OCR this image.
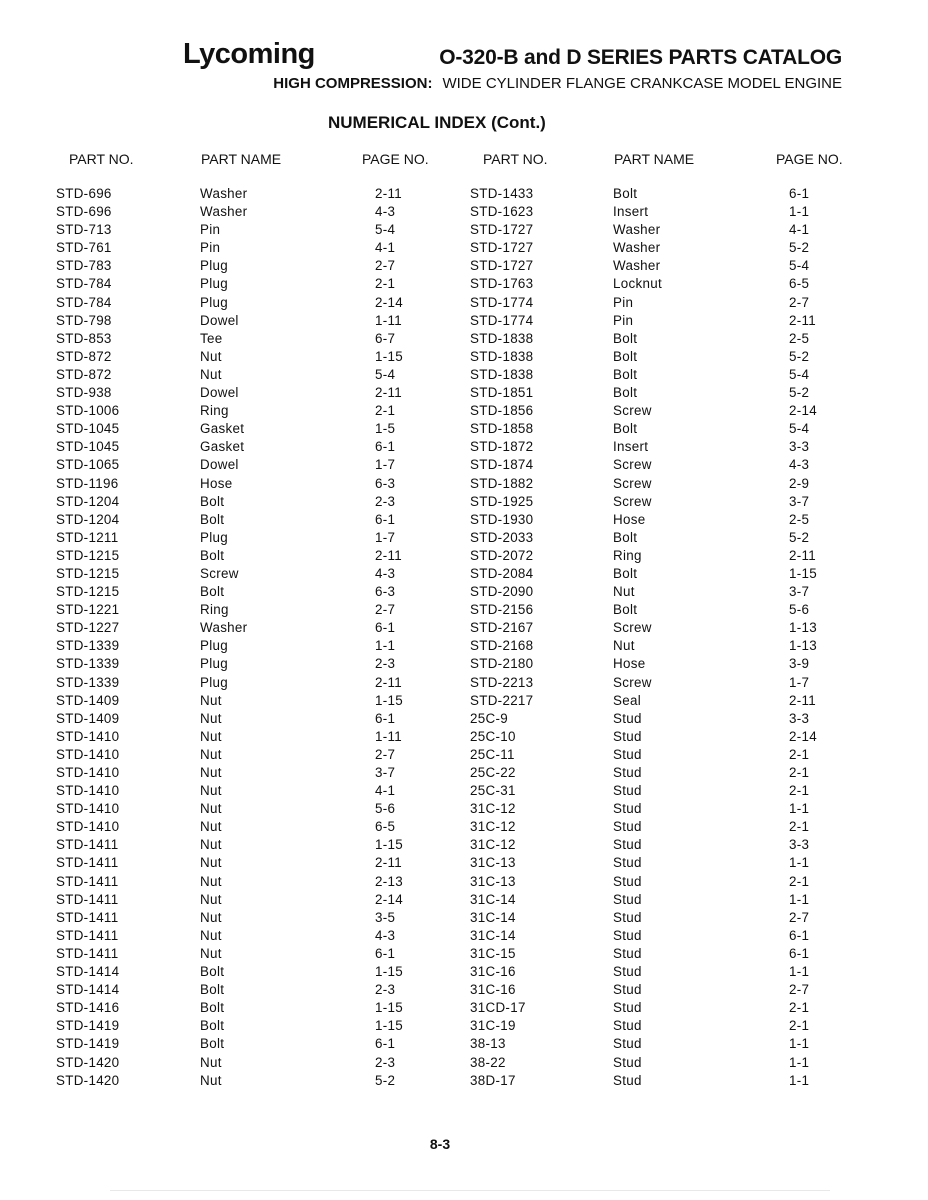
Lycoming	O-320-B and D SERIES PARTS CATALOG
HIGH COMPRESSION: WIDE CYLINDER FLANGE CRANKCASE MODEL ENGINE
NUMERICAL INDEX (Cont.)
PART NO.	PART NAME	PAGE NO.	PART NO.	PART NAME	PAGE NO.
STD-696	Washer	2-11	STD-1433	Bolt	6-1
STD-696	Washer	4-3	STD-1623	Insert	1-1
STD-713	Pin	5-4	STD-1727	Washer	4-1
STD-761	Pin	4-1	STD-1727	Washer	5-2
STD-783	Plug	2-7	STD-1727	Washer	5-4
STD-784	Plug	2-1	STD-1763	Locknut	6-5
STD-784	Plug	2-14	STD-1774	Pin	2-7
STD-798	Dowel	1-11	STD-1774	Pin	2-11
STD-853	Tee	6-7	STD-1838	Bolt	2-5
STD-872	Nut	1-15	STD-1838	Bolt	5-2
STD-872	Nut	5-4	STD-1838	Bolt	5-4
STD-938	Dowel	2-11	STD-1851	Bolt	5-2
STD-1006	Ring	2-1	STD-1856	Screw	2-14
STD-1045	Gasket	1-5	STD-1858	Bolt	5-4
STD-1045	Gasket	6-1	STD-1872	Insert	3-3
STD-1065	Dowel	1-7	STD-1874	Screw	4-3
STD-1196	Hose	6-3	STD-1882	Screw	2-9
STD-1204	Bolt	2-3	STD-1925	Screw	3-7
STD-1204	Bolt	6-1	STD-1930	Hose	2-5
STD-1211	Plug	1-7	STD-2033	Bolt	5-2
STD-1215	Bolt	2-11	STD-2072	Ring	2-11
STD-1215	Screw	4-3	STD-2084	Bolt	1-15
STD-1215	Bolt	6-3	STD-2090	Nut	3-7
STD-1221	Ring	2-7	STD-2156	Bolt	5-6
STD-1227	Washer	6-1	STD-2167	Screw	1-13
STD-1339	Plug	1-1	STD-2168	Nut	1-13
STD-1339	Plug	2-3	STD-2180	Hose	3-9
STD-1339	Plug	2-11	STD-2213	Screw	1-7
STD-1409	Nut	1-15	STD-2217	Seal	2-11
STD-1409	Nut	6-1	25C-9	Stud	3-3
STD-1410	Nut	1-11	25C-10	Stud	2-14
STD-1410	Nut	2-7	25C-11	Stud	2-1
STD-1410	Nut	3-7	25C-22	Stud	2-1
STD-1410	Nut	4-1	25C-31	Stud	2-1
STD-1410	Nut	5-6	31C-12	Stud	1-1
STD-1410	Nut	6-5	31C-12	Stud	2-1
STD-1411	Nut	1-15	31C-12	Stud	3-3
STD-1411	Nut	2-11	31C-13	Stud	1-1
STD-1411	Nut	2-13	31C-13	Stud	2-1
STD-1411	Nut	2-14	31C-14	Stud	1-1
STD-1411	Nut	3-5	31C-14	Stud	2-7
STD-1411	Nut	4-3	31C-14	Stud	6-1
STD-1411	Nut	6-1	31C-15	Stud	6-1
STD-1414	Bolt	1-15	31C-16	Stud	1-1
STD-1414	Bolt	2-3	31C-16	Stud	2-7
STD-1416	Bolt	1-15	31CD-17	Stud	2-1
STD-1419	Bolt	1-15	31C-19	Stud	2-1
STD-1419	Bolt	6-1	38-13	Stud	1-1
STD-1420	Nut	2-3	38-22	Stud	1-1
STD-1420	Nut	5-2	38D-17	Stud	1-1
8-3
